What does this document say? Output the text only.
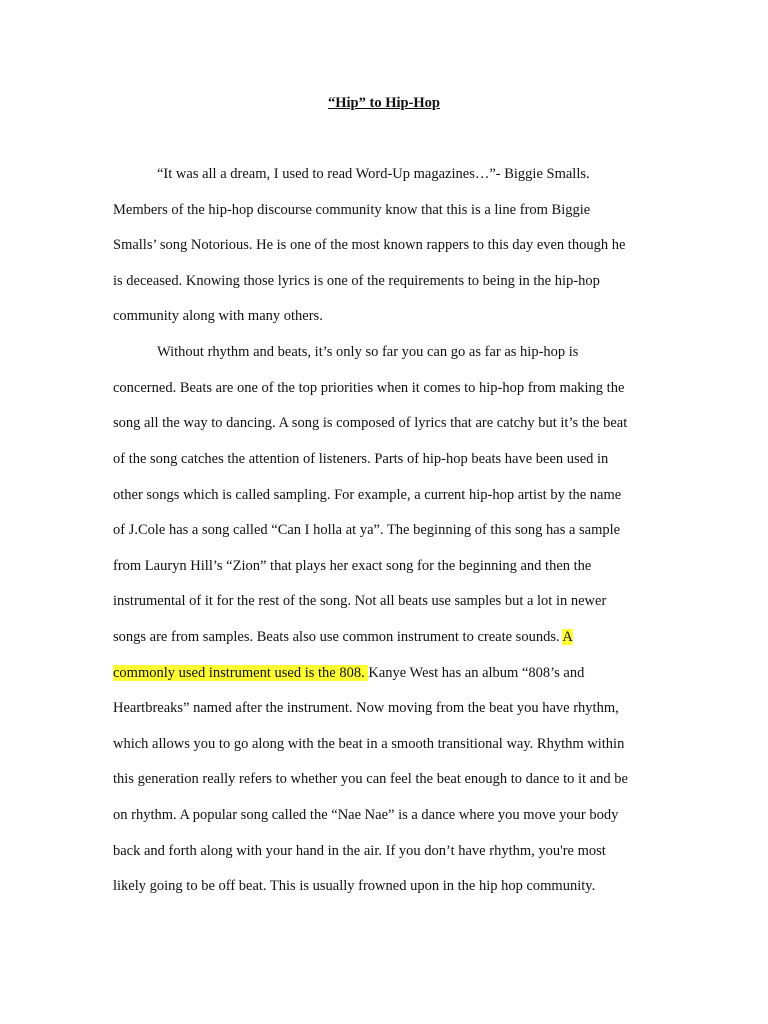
“Hip” to Hip-Hop
“It was all a dream, I used to read Word-Up magazines…”- Biggie Smalls.
Members of the hip-hop discourse community know that this is a line from Biggie
Smalls’ song Notorious. He is one of the most known rappers to this day even though he
is deceased. Knowing those lyrics is one of the requirements to being in the hip-hop
community along with many others.
Without rhythm and beats, it’s only so far you can go as far as hip-hop is
concerned. Beats are one of the top priorities when it comes to hip-hop from making the
song all the way to dancing. A song is composed of lyrics that are catchy but it’s the beat
of the song catches the attention of listeners. Parts of hip-hop beats have been used in
other songs which is called sampling. For example, a current hip-hop artist by the name
of J.Cole has a song called “Can I holla at ya”. The beginning of this song has a sample
from Lauryn Hill’s “Zion” that plays her exact song for the beginning and then the
instrumental of it for the rest of the song. Not all beats use samples but a lot in newer
songs are from samples. Beats also use common instrument to create sounds. A
commonly used instrument used is the 808. Kanye West has an album “808’s and
Heartbreaks” named after the instrument. Now moving from the beat you have rhythm,
which allows you to go along with the beat in a smooth transitional way. Rhythm within
this generation really refers to whether you can feel the beat enough to dance to it and be
on rhythm. A popular song called the “Nae Nae” is a dance where you move your body
back and forth along with your hand in the air. If you don’t have rhythm, you're most
likely going to be off beat. This is usually frowned upon in the hip hop community.
